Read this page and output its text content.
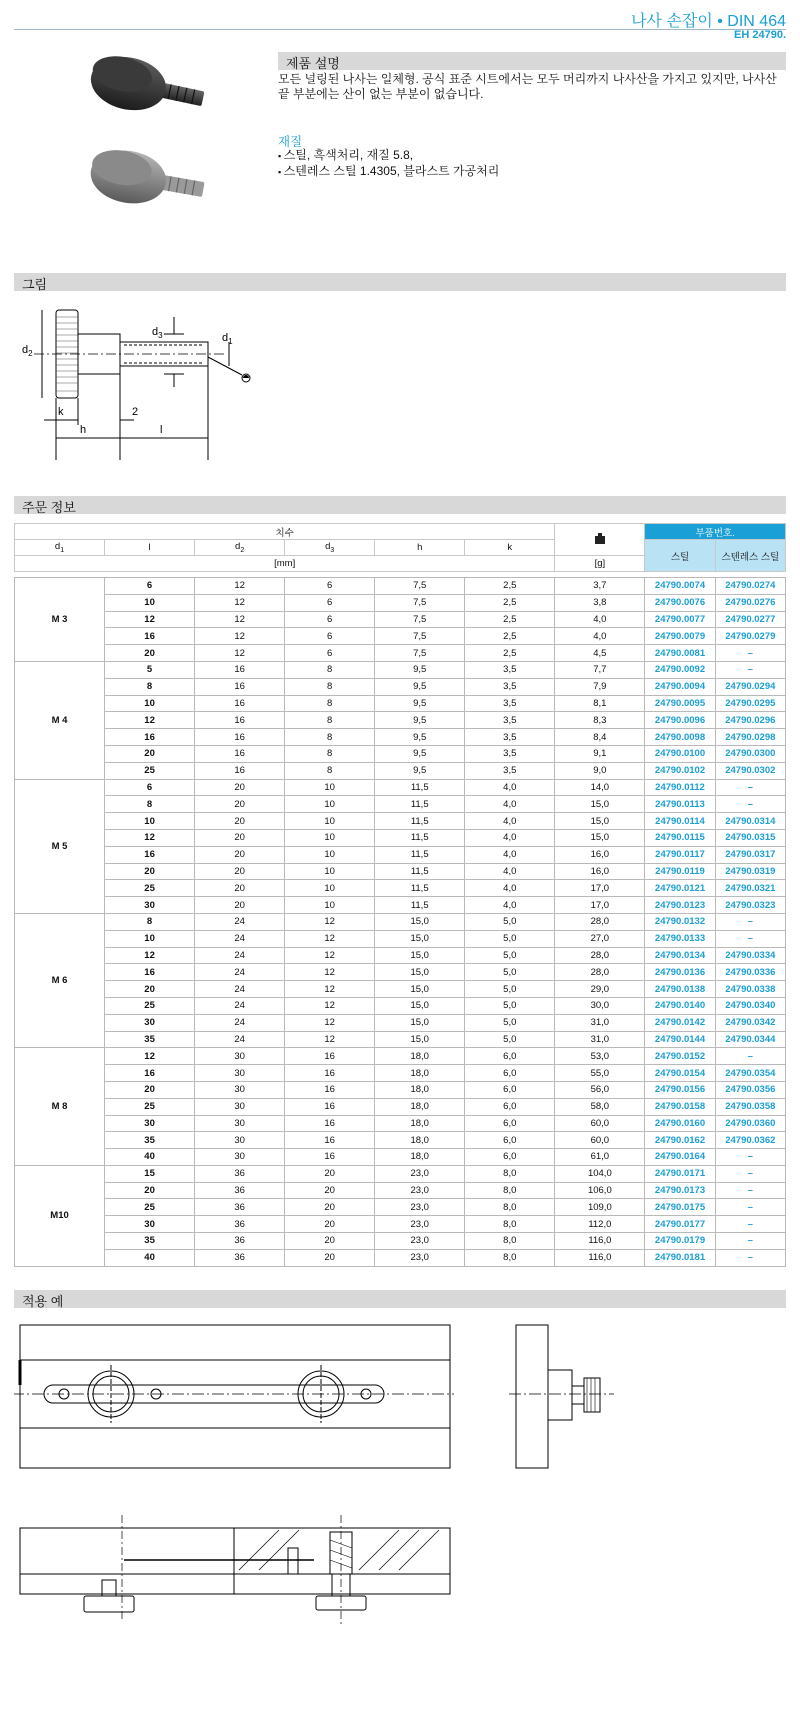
나사 손잡이 • DIN 464
EH 24790.
제품 설명
모든 널링된 나사는 일체형. 공식 표준 시트에서는 모두 머리까지 나사산을 가지고 있지만, 나사산 끝 부분에는 산이 없는 부분이 없습니다.
재질
▪ 스틸, 흑색처리, 재질 5.8,
▪ 스텐레스 스틸 1.4305, 블라스트 가공처리
그림
$d_2$
$d_3$	$d_1$
k	2
h	l
주문 정보
치수							부품번호.	
$d_1$	l	$d_2$	$d_3$	h	k		스틸	스텐레스 스틸
[mm]						[g]		

M 3	6	12	6	7,5	2,5	3,7	24790.0074	24790.0274
	10	12	6	7,5	2,5	3,8	24790.0076	24790.0276
	12	12	6	7,5	2,5	4,0	24790.0077	24790.0277
	16	12	6	7,5	2,5	4,0	24790.0079	24790.0279
	20	12	6	7,5	2,5	4,5	24790.0081	–
M 4	5	16	8	9,5	3,5	7,7	24790.0092	–
	8	16	8	9,5	3,5	7,9	24790.0094	24790.0294
	10	16	8	9,5	3,5	8,1	24790.0095	24790.0295
	12	16	8	9,5	3,5	8,3	24790.0096	24790.0296
	16	16	8	9,5	3,5	8,4	24790.0098	24790.0298
	20	16	8	9,5	3,5	9,1	24790.0100	24790.0300
	25	16	8	9,5	3,5	9,0	24790.0102	24790.0302
M 5	6	20	10	11,5	4,0	14,0	24790.0112	–
	8	20	10	11,5	4,0	15,0	24790.0113	–
	10	20	10	11,5	4,0	15,0	24790.0114	24790.0314
	12	20	10	11,5	4,0	15,0	24790.0115	24790.0315
	16	20	10	11,5	4,0	16,0	24790.0117	24790.0317
	20	20	10	11,5	4,0	16,0	24790.0119	24790.0319
	25	20	10	11,5	4,0	17,0	24790.0121	24790.0321
	30	20	10	11,5	4,0	17,0	24790.0123	24790.0323
M 6	8	24	12	15,0	5,0	28,0	24790.0132	–
	10	24	12	15,0	5,0	27,0	24790.0133	–
	12	24	12	15,0	5,0	28,0	24790.0134	24790.0334
	16	24	12	15,0	5,0	28,0	24790.0136	24790.0336
	20	24	12	15,0	5,0	29,0	24790.0138	24790.0338
	25	24	12	15,0	5,0	30,0	24790.0140	24790.0340
	30	24	12	15,0	5,0	31,0	24790.0142	24790.0342
	35	24	12	15,0	5,0	31,0	24790.0144	24790.0344
M 8	12	30	16	18,0	6,0	53,0	24790.0152	–
	16	30	16	18,0	6,0	55,0	24790.0154	24790.0354
	20	30	16	18,0	6,0	56,0	24790.0156	24790.0356
	25	30	16	18,0	6,0	58,0	24790.0158	24790.0358
	30	30	16	18,0	6,0	60,0	24790.0160	24790.0360
	35	30	16	18,0	6,0	60,0	24790.0162	24790.0362
	40	30	16	18,0	6,0	61,0	24790.0164	–
M10	15	36	20	23,0	8,0	104,0	24790.0171	–
	20	36	20	23,0	8,0	106,0	24790.0173	–
	25	36	20	23,0	8,0	109,0	24790.0175	–
	30	36	20	23,0	8,0	112,0	24790.0177	–
	35	36	20	23,0	8,0	116,0	24790.0179	–
	40	36	20	23,0	8,0	116,0	24790.0181	–
적용 예
